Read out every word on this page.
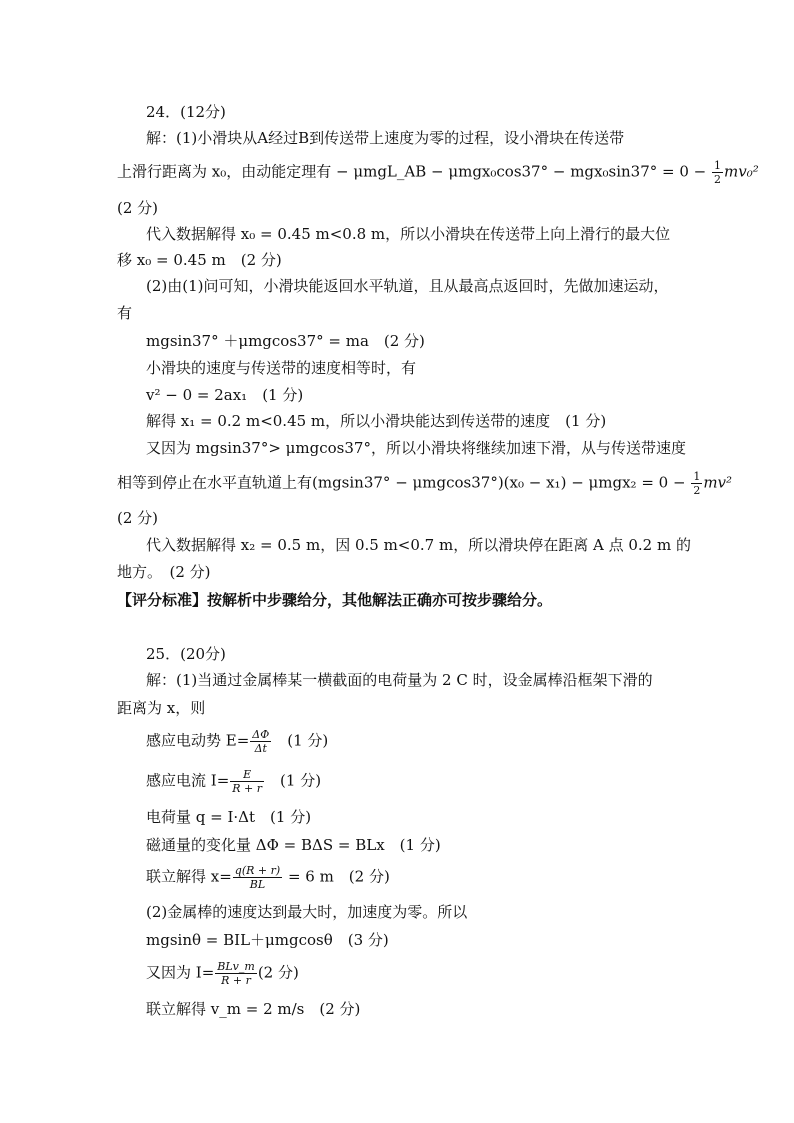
24．(12分)
解：(1)小滑块从A经过B到传送带上速度为零的过程，设小滑块在传送带
上滑行距离为 x₀，由动能定理有 − μmgL_AB − $\mu mgx_0\cos 37^\circ - mgx_0\sin 37^\circ = 0 - \frac{1}{2} mv_0^2$
(2 分)
代入数据解得 x₀ = 0.45 m<0.8 m，所以小滑块在传送带上向上滑行的最大位
移 x₀ = 0.45 m　(2 分)
(2)由(1)问可知，小滑块能返回水平轨道，且从最高点返回时，先做加速运动，
有
mgsin37° ＋μmgcos37° = ma　(2 分)
小滑块的速度与传送带的速度相等时，有
v² − 0 = 2ax₁　(1 分)
解得 x₁ = 0.2 m<0.45 m，所以小滑块能达到传送带的速度　(1 分)
又因为 mgsin37°> μmgcos37°，所以小滑块将继续加速下滑，从与传送带速度
相等到停止在水平直轨道上有$(mgsin37^\circ - \mu mgcos37^\circ)(x_0 - x_1) - \mu mgx_2 = 0 - \frac{1}{2} mv^2$
(2 分)
代入数据解得 x₂ = 0.5 m，因 0.5 m<0.7 m，所以滑块停在距离 A 点 0.2 m 的
地方。　(2 分)
【评分标准】按解析中步骤给分，其他解法正确亦可按步骤给分。
25．(20分)
解：(1)当通过金属棒某一横截面的电荷量为 2 C 时，设金属棒沿框架下滑的
距离为 x，则
感应电动势 $E= \frac{\Delta\Phi}{\Delta t}$ 　(1 分)
感应电流 $I= \frac{E}{R + r}$ 　(1 分)
电荷量 q = I·Δt　(1 分)
磁通量的变化量 ΔΦ = BΔS = BLx　(1 分)
联立解得 $x= \frac{q(R + r)}{BL} = 6$ m　(2 分)
(2)金属棒的速度达到最大时，加速度为零。所以
mgsinθ = BIL＋μmgcosθ　(3 分)
又因为 $I= \frac{\text{BLv\_m}}{R + r} (2$ 分)
联立解得 v_m = 2 m/s　(2 分)
